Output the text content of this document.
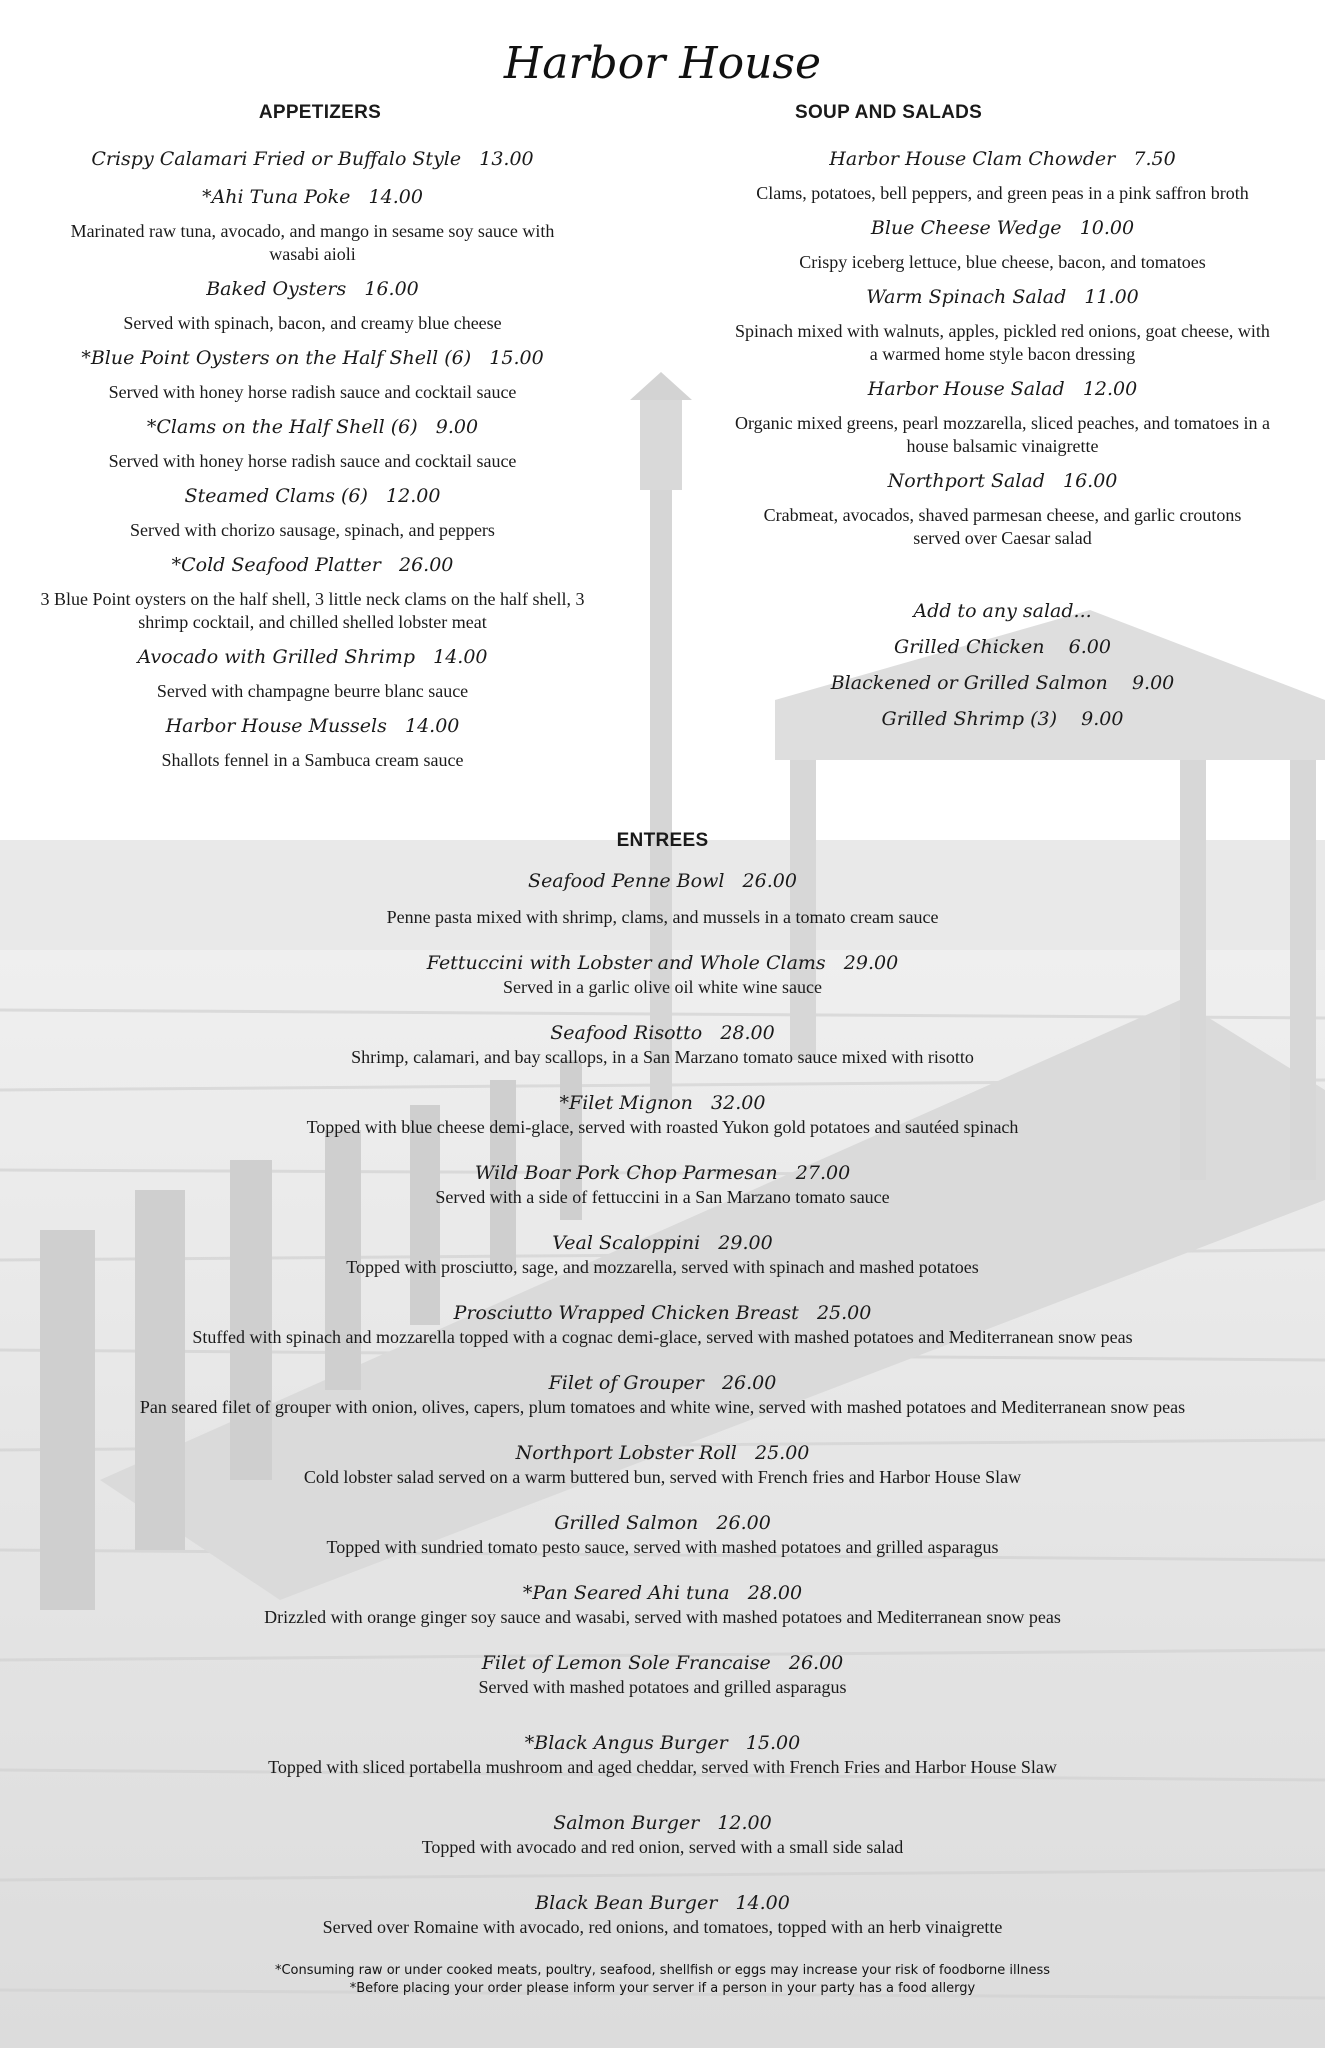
Harbor House
APPETIZERS

Crispy Calamari Fried or Buffalo Style 13.00

*Ahi Tuna Poke 14.00

Marinated raw tuna, avocado, and mango in sesame soy sauce with wasabi aioli

Baked Oysters 16.00

Served with spinach, bacon, and creamy blue cheese

*Blue Point Oysters on the Half Shell (6) 15.00

Served with honey horse radish sauce and cocktail sauce

*Clams on the Half Shell (6) 9.00

Served with honey horse radish sauce and cocktail sauce

Steamed Clams (6) 12.00

Served with chorizo sausage, spinach, and peppers

*Cold Seafood Platter 26.00

3 Blue Point oysters on the half shell, 3 little neck clams on the half shell, 3 shrimp cocktail, and chilled shelled lobster meat

Avocado with Grilled Shrimp 14.00

Served with champagne beurre blanc sauce

Harbor House Mussels 14.00

Shallots fennel in a Sambuca cream sauce

SOUP AND SALADS

Harbor House Clam Chowder 7.50

Clams, potatoes, bell peppers, and green peas in a pink saffron broth

Blue Cheese Wedge 10.00

Crispy iceberg lettuce, blue cheese, bacon, and tomatoes

Warm Spinach Salad 11.00

Spinach mixed with walnuts, apples, pickled red onions, goat cheese, with a warmed home style bacon dressing

Harbor House Salad 12.00

Organic mixed greens, pearl mozzarella, sliced peaches, and tomatoes in a house balsamic vinaigrette

Northport Salad 16.00

Crabmeat, avocados, shaved parmesan cheese, and garlic croutons served over Caesar salad

Add to any salad...

Grilled Chicken 6.00

Blackened or Grilled Salmon 9.00

Grilled Shrimp (3) 9.00

ENTREES

Seafood Penne Bowl 26.00

Penne pasta mixed with shrimp, clams, and mussels in a tomato cream sauce

Fettuccini with Lobster and Whole Clams 29.00

Served in a garlic olive oil white wine sauce

Seafood Risotto 28.00

Shrimp, calamari, and bay scallops, in a San Marzano tomato sauce mixed with risotto

*Filet Mignon 32.00

Topped with blue cheese demi-glace, served with roasted Yukon gold potatoes and sautéed spinach

Wild Boar Pork Chop Parmesan 27.00

Served with a side of fettuccini in a San Marzano tomato sauce

Veal Scaloppini 29.00

Topped with prosciutto, sage, and mozzarella, served with spinach and mashed potatoes

Prosciutto Wrapped Chicken Breast 25.00

Stuffed with spinach and mozzarella topped with a cognac demi-glace, served with mashed potatoes and Mediterranean snow peas

Filet of Grouper 26.00

Pan seared filet of grouper with onion, olives, capers, plum tomatoes and white wine, served with mashed potatoes and Mediterranean snow peas

Northport Lobster Roll 25.00

Cold lobster salad served on a warm buttered bun, served with French fries and Harbor House Slaw

Grilled Salmon 26.00

Topped with sundried tomato pesto sauce, served with mashed potatoes and grilled asparagus

*Pan Seared Ahi tuna 28.00

Drizzled with orange ginger soy sauce and wasabi, served with mashed potatoes and Mediterranean snow peas

Filet of Lemon Sole Francaise 26.00

Served with mashed potatoes and grilled asparagus

*Black Angus Burger 15.00

Topped with sliced portabella mushroom and aged cheddar, served with French Fries and Harbor House Slaw

Salmon Burger 12.00

Topped with avocado and red onion, served with a small side salad

Black Bean Burger 14.00

Served over Romaine with avocado, red onions, and tomatoes, topped with an herb vinaigrette

*Consuming raw or under cooked meats, poultry, seafood, shellfish or eggs may increase your risk of foodborne illness
*Before placing your order please inform your server if a person in your party has a food allergy
